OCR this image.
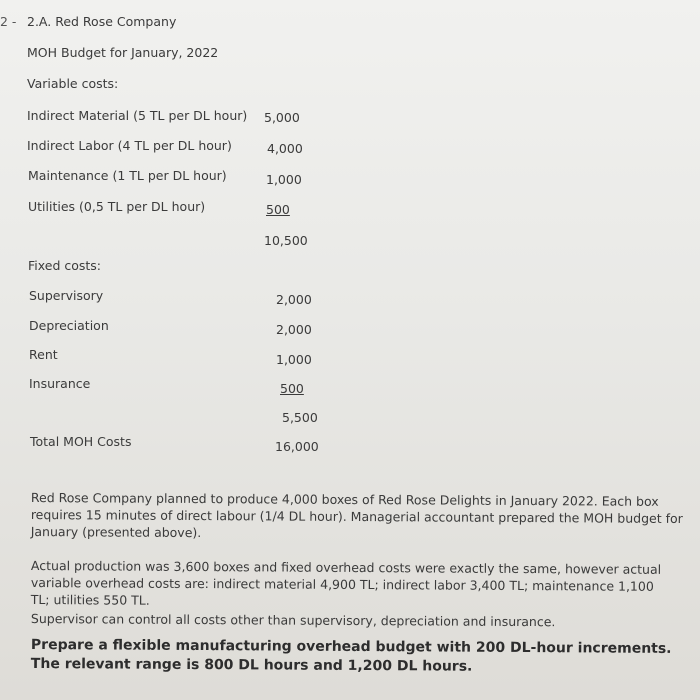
2 - 2.A. Red Rose Company
MOH Budget for January, 2022
Variable costs:
Indirect Material (5 TL per DL hour) 5,000
Indirect Labor (4 TL per DL hour)	4,000
Maintenance (1 TL per DL hour)	1,000
Utilities (0,5 TL per DL hour)	500
10,500
Fixed costs:
Supervisory	2,000
Depreciation	2,000
Rent	1,000
Insurance	500
5,500
Total MOH Costs	16,000
Red Rose Company planned to produce 4,000 boxes of Red Rose Delights in January 2022. Each box requires 15 minutes of direct labour (1/4 DL hour). Managerial accountant prepared the MOH budget for January (presented above).
Actual production was 3,600 boxes and fixed overhead costs were exactly the same, however actual variable overhead costs are: indirect material 4,900 TL; indirect labor 3,400 TL; maintenance 1,100 TL; utilities 550 TL.
Supervisor can control all costs other than supervisory, depreciation and insurance.
Prepare a flexible manufacturing overhead budget with 200 DL-hour increments. The relevant range is 800 DL hours and 1,200 DL hours.
